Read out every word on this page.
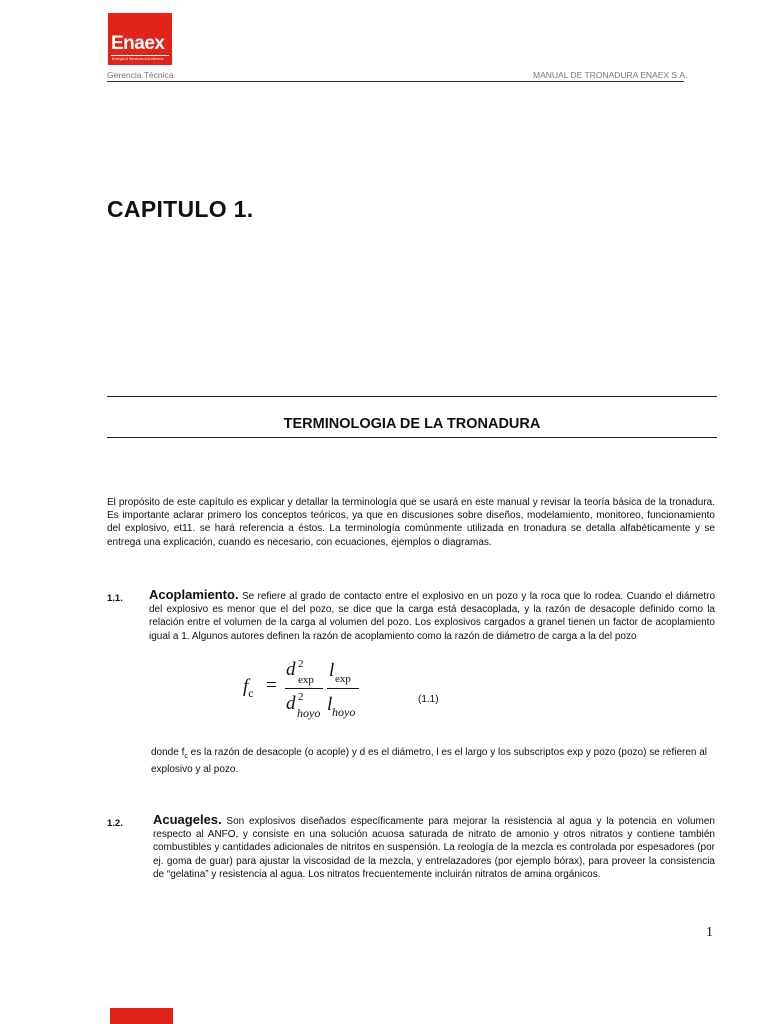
Enaex
Energía & Servicios a la Minería
Gerencia Técnica	MANUAL DE TRONADURA ENAEX S.A.
CAPITULO 1.
TERMINOLOGIA DE LA TRONADURA
El propósito de este capítulo es explicar y detallar la terminología que se usará en este manual y revisar la teoría básica de la tronadura. Es importante aclarar primero los conceptos teóricos, ya que en discusiones sobre diseños, modelamiento, monitoreo, funcionamiento del explosivo, et11. se hará referencia a éstos. La terminología comúnmente utilizada en tronadura se detalla alfabéticamente y se entrega una explicación, cuando es necesario, con ecuaciones, ejemplos o diagramas.
1.1. Acoplamiento. Se refiere al grado de contacto entre el explosivo en un pozo y la roca que lo rodea. Cuando el diámetro del explosivo es menor que el del pozo, se dice que la carga está desacoplada, y la razón de desacople definido como la relación entre el volumen de la carga al volumen del pozo. Los explosivos cargados a granel tienen un factor de acoplamiento igual a 1. Algunos autores definen la razón de acoplamiento como la razón de diámetro de carga a la del pozo
$f_c$ =
d 2
exp
d 2
hoyo
l exp
l hoyo
(1.1)
donde $f_c$ es la razón de desacople (o acople) y d es el diámetro, l es el largo y los subscriptos exp y pozo (pozo) se refieren al explosivo y al pozo.
1.2. Acuageles. Son explosivos diseñados específicamente para mejorar la resistencia al agua y la potencia en volumen respecto al ANFO, y consiste en una solución acuosa saturada de nitrato de amonio y otros nitratos y contiene también combustibles y cantidades adicionales de nitritos en suspensión. La reología de la mezcla es controlada por espesadores (por ej. goma de guar) para ajustar la viscosidad de la mezcla, y entrelazadores (por ejemplo bórax), para proveer la consistencia de “gelatina” y resistencia al agua. Los nitratos frecuentemente incluirán nitratos de amina orgánicos.
1
